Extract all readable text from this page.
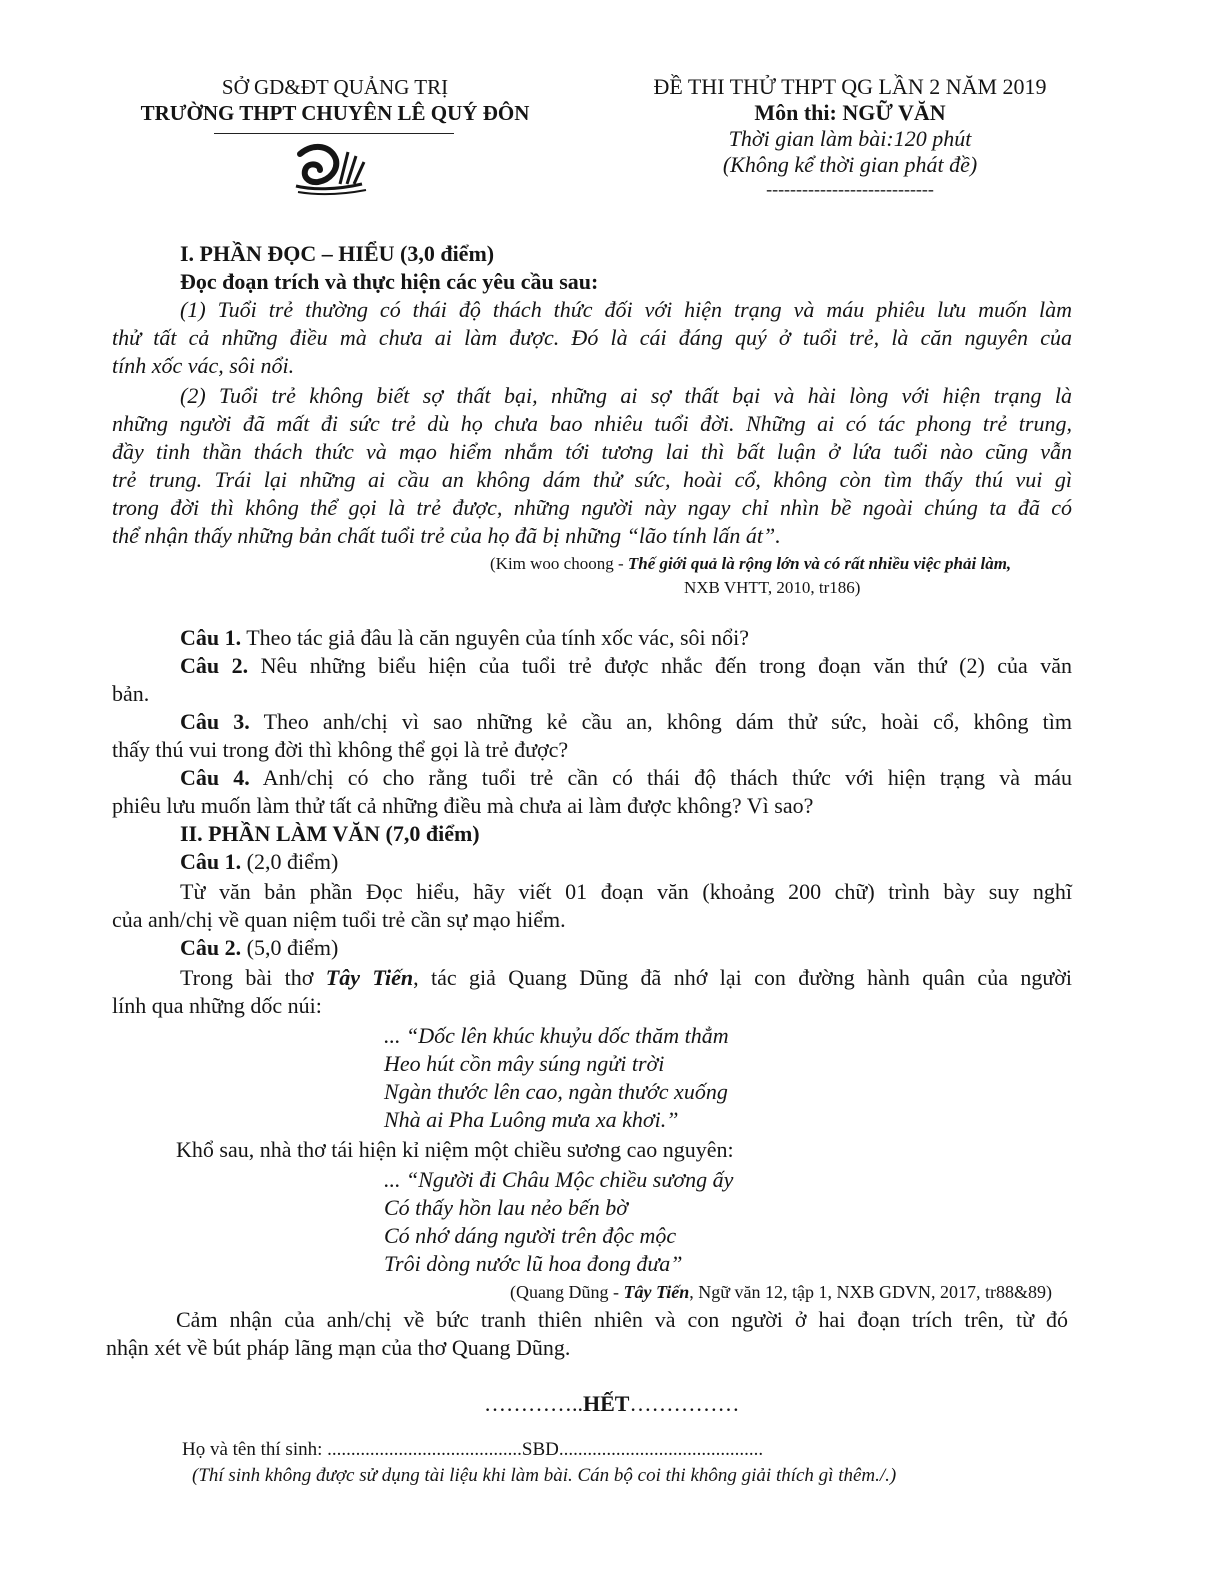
SỞ GD&ĐT QUẢNG TRỊ
TRƯỜNG THPT CHUYÊN LÊ QUÝ ĐÔN
ĐỀ THI THỬ THPT QG LẦN 2 NĂM 2019
Môn thi: NGỮ VĂN
Thời gian làm bài:120 phút
(Không kể thời gian phát đề)
----------------------------
I. PHẦN ĐỌC – HIỂU (3,0 điểm)
Đọc đoạn trích và thực hiện các yêu cầu sau:
(1) Tuổi trẻ thường có thái độ thách thức đối với hiện trạng và máu phiêu lưu muốn làm
thử tất cả những điều mà chưa ai làm được. Đó là cái đáng quý ở tuổi trẻ, là căn nguyên của
tính xốc vác, sôi nổi.
(2) Tuổi trẻ không biết sợ thất bại, những ai sợ thất bại và hài lòng với hiện trạng là
những người đã mất đi sức trẻ dù họ chưa bao nhiêu tuổi đời. Những ai có tác phong trẻ trung,
đầy tinh thần thách thức và mạo hiểm nhắm tới tương lai thì bất luận ở lứa tuổi nào cũng vẫn
trẻ trung. Trái lại những ai cầu an không dám thử sức, hoài cổ, không còn tìm thấy thú vui gì
trong đời thì không thể gọi là trẻ được, những người này ngay chỉ nhìn bề ngoài chúng ta đã có
thể nhận thấy những bản chất tuổi trẻ của họ đã bị những “lão tính lấn át”.
(Kim woo choong - Thế giới quả là rộng lớn và có rất nhiều việc phải làm,
NXB VHTT, 2010, tr186)
Câu 1. Theo tác giả đâu là căn nguyên của tính xốc vác, sôi nổi?
Câu 2. Nêu những biểu hiện của tuổi trẻ được nhắc đến trong đoạn văn thứ (2) của văn
bản.
Câu 3. Theo anh/chị vì sao những kẻ cầu an, không dám thử sức, hoài cổ, không tìm
thấy thú vui trong đời thì không thể gọi là trẻ được?
Câu 4. Anh/chị có cho rằng tuổi trẻ cần có thái độ thách thức với hiện trạng và máu
phiêu lưu muốn làm thử tất cả những điều mà chưa ai làm được không? Vì sao?
II. PHẦN LÀM VĂN (7,0 điểm)
Câu 1. (2,0 điểm)
Từ văn bản phần Đọc hiểu, hãy viết 01 đoạn văn (khoảng 200 chữ) trình bày suy nghĩ
của anh/chị về quan niệm tuổi trẻ cần sự mạo hiểm.
Câu 2. (5,0 điểm)
Trong bài thơ Tây Tiến, tác giả Quang Dũng đã nhớ lại con đường hành quân của người
lính qua những dốc núi:
... “Dốc lên khúc khuỷu dốc thăm thẳm
Heo hút cồn mây súng ngửi trời
Ngàn thước lên cao, ngàn thước xuống
Nhà ai Pha Luông mưa xa khơi.”
Khổ sau, nhà thơ tái hiện kỉ niệm một chiều sương cao nguyên:
... “Người đi Châu Mộc chiều sương ấy
Có thấy hồn lau nẻo bến bờ
Có nhớ dáng người trên độc mộc
Trôi dòng nước lũ hoa đong đưa”
(Quang Dũng - Tây Tiến, Ngữ văn 12, tập 1, NXB GDVN, 2017, tr88&89)
Cảm nhận của anh/chị về bức tranh thiên nhiên và con người ở hai đoạn trích trên, từ đó
nhận xét về bút pháp lãng mạn của thơ Quang Dũng.
…………..HẾT……………
Họ và tên thí sinh: .........................................SBD...........................................
(Thí sinh không được sử dụng tài liệu khi làm bài. Cán bộ coi thi không giải thích gì thêm./.)
